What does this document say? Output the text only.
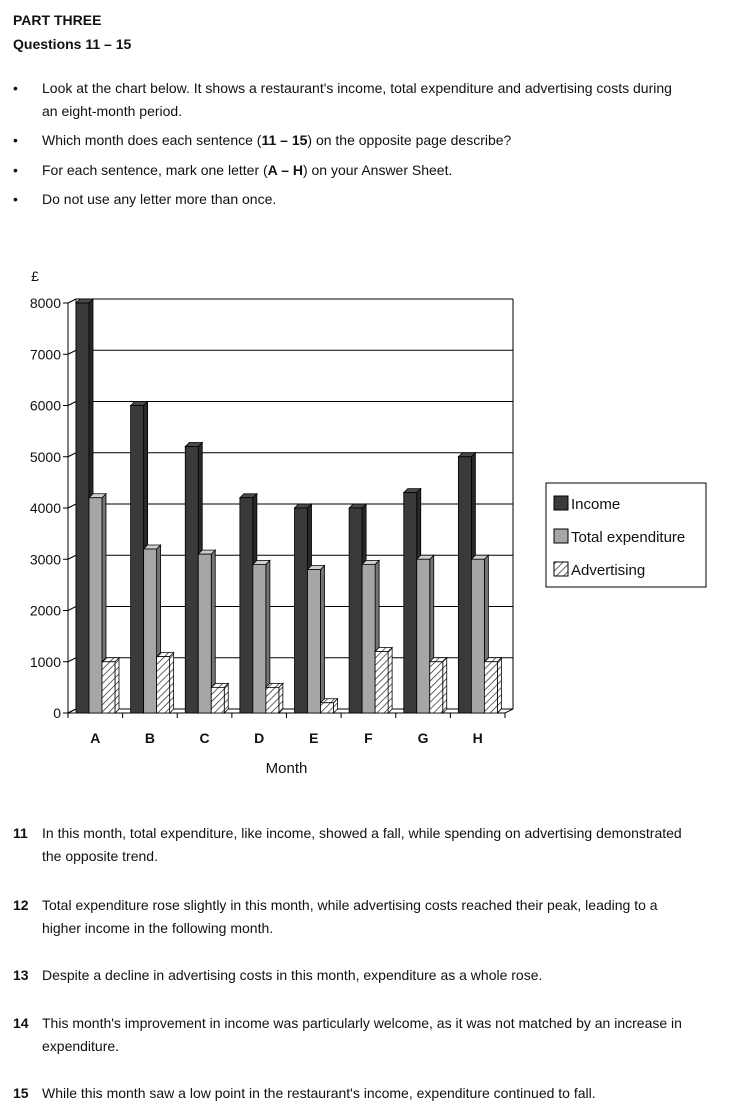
PART THREE
Questions 11 – 15
• Look at the chart below. It shows a restaurant's income, total expenditure and advertising costs during an eight-month period.
• Which month does each sentence (11 – 15) on the opposite page describe?
• For each sentence, mark one letter (A – H) on your Answer Sheet.
• Do not use any letter more than once.
0
1000
2000
3000
4000
5000
6000
7000
8000
£
A	B	C	D	E	F	G	H
Month
Income
Total expenditure
Advertising
11 In this month, total expenditure, like income, showed a fall, while spending on advertising demonstrated the opposite trend.
12 Total expenditure rose slightly in this month, while advertising costs reached their peak, leading to a higher income in the following month.
13 Despite a decline in advertising costs in this month, expenditure as a whole rose.
14 This month's improvement in income was particularly welcome, as it was not matched by an increase in expenditure.
15 While this month saw a low point in the restaurant's income, expenditure continued to fall.
